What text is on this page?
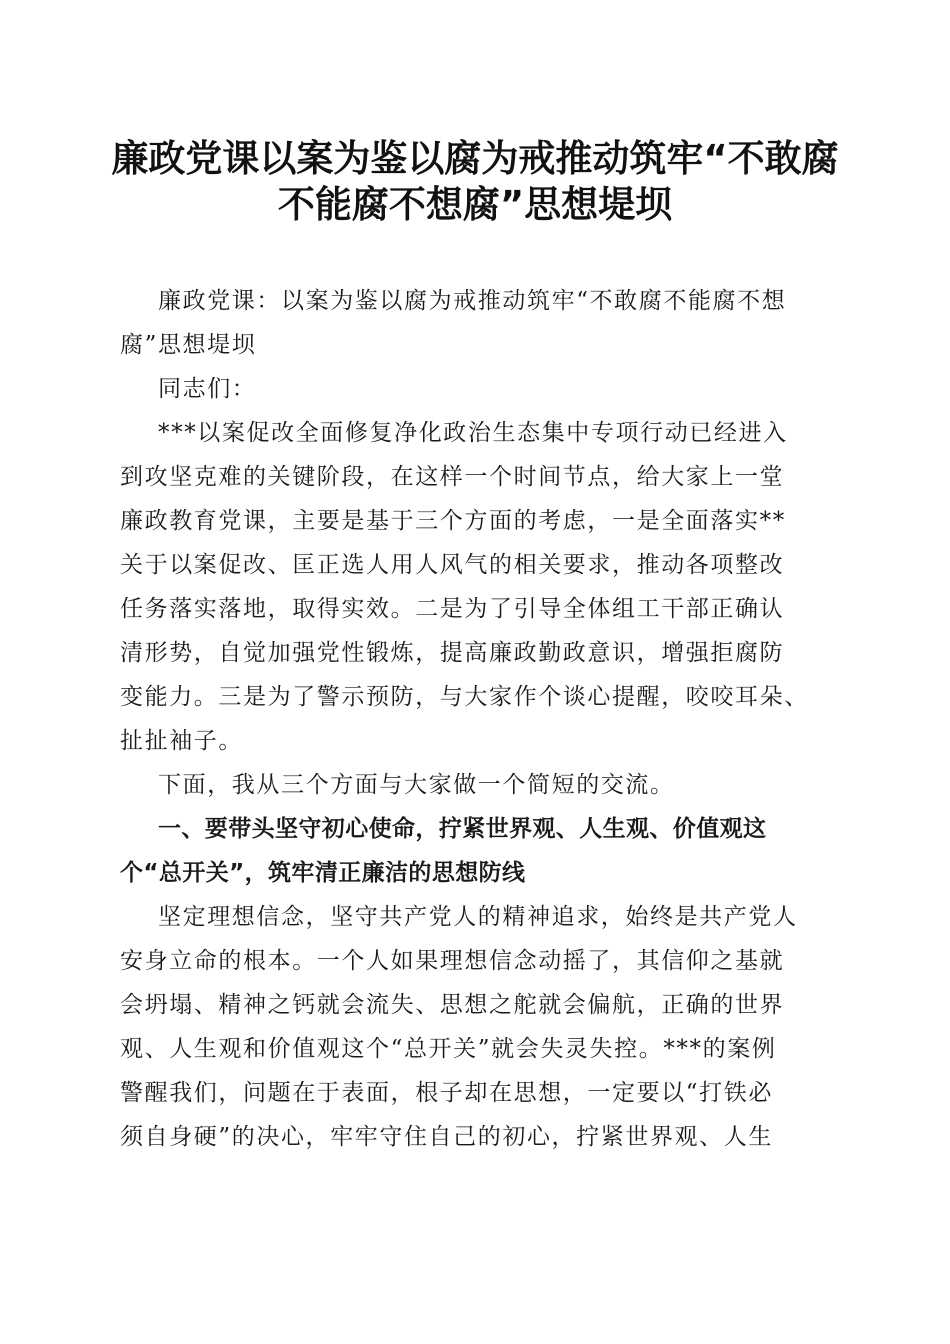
廉政党课以案为鉴以腐为戒推动筑牢“不敢腐
不能腐不想腐”思想堤坝

廉政党课：以案为鉴以腐为戒推动筑牢“不敢腐不能腐不想
腐”思想堤坝

同志们：

***以案促改全面修复净化政治生态集中专项行动已经进入
到攻坚克难的关键阶段，在这样一个时间节点，给大家上一堂
廉政教育党课，主要是基于三个方面的考虑，一是全面落实**
关于以案促改、匡正选人用人风气的相关要求，推动各项整改
任务落实落地，取得实效。二是为了引导全体组工干部正确认
清形势，自觉加强党性锻炼，提高廉政勤政意识，增强拒腐防
变能力。三是为了警示预防，与大家作个谈心提醒，咬咬耳朵、
扯扯袖子。

下面，我从三个方面与大家做一个简短的交流。

一、要带头坚守初心使命，拧紧世界观、人生观、价值观这
个“总开关”，筑牢清正廉洁的思想防线

坚定理想信念，坚守共产党人的精神追求，始终是共产党人
安身立命的根本。一个人如果理想信念动摇了，其信仰之基就
会坍塌、精神之钙就会流失、思想之舵就会偏航，正确的世界
观、人生观和价值观这个“总开关”就会失灵失控。***的案例
警醒我们，问题在于表面，根子却在思想，一定要以“打铁必
须自身硬”的决心，牢牢守住自己的初心，拧紧世界观、人生
